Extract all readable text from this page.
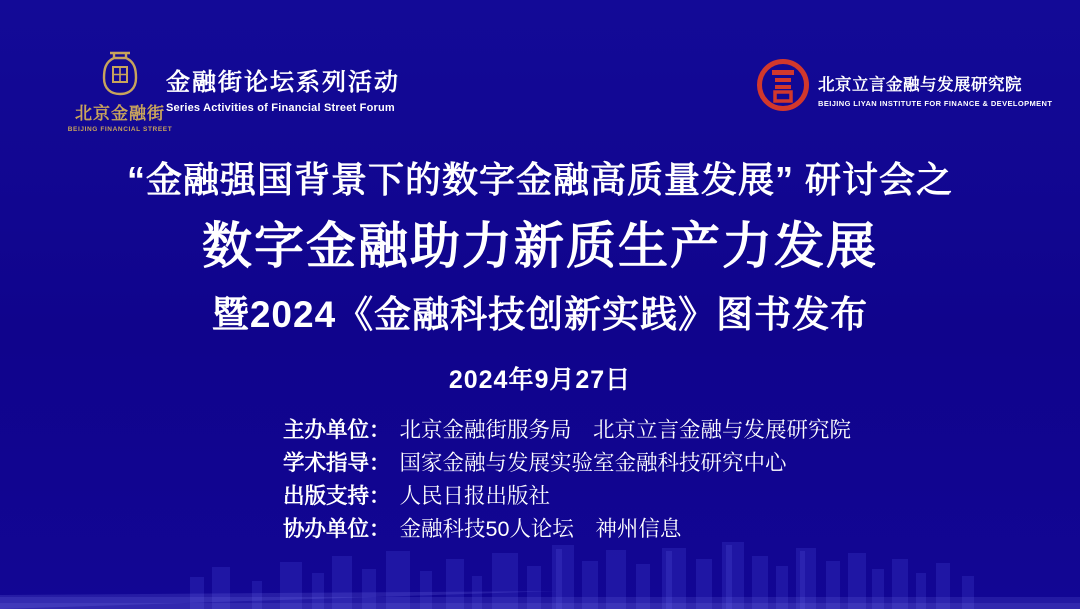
北京金融街
BEIJING FINANCIAL STREET
金融街论坛系列活动
Series Activities of Financial Street Forum
北京立言金融与发展研究院
BEIJING LIYAN INSTITUTE FOR FINANCE & DEVELOPMENT
“金融强国背景下的数字金融高质量发展” 研讨会之
数字金融助力新质生产力发展
暨2024《金融科技创新实践》图书发布
2024年9月27日
主办单位： 北京金融街服务局　北京立言金融与发展研究院
学术指导： 国家金融与发展实验室金融科技研究中心
出版支持： 人民日报出版社
协办单位： 金融科技50人论坛　神州信息
